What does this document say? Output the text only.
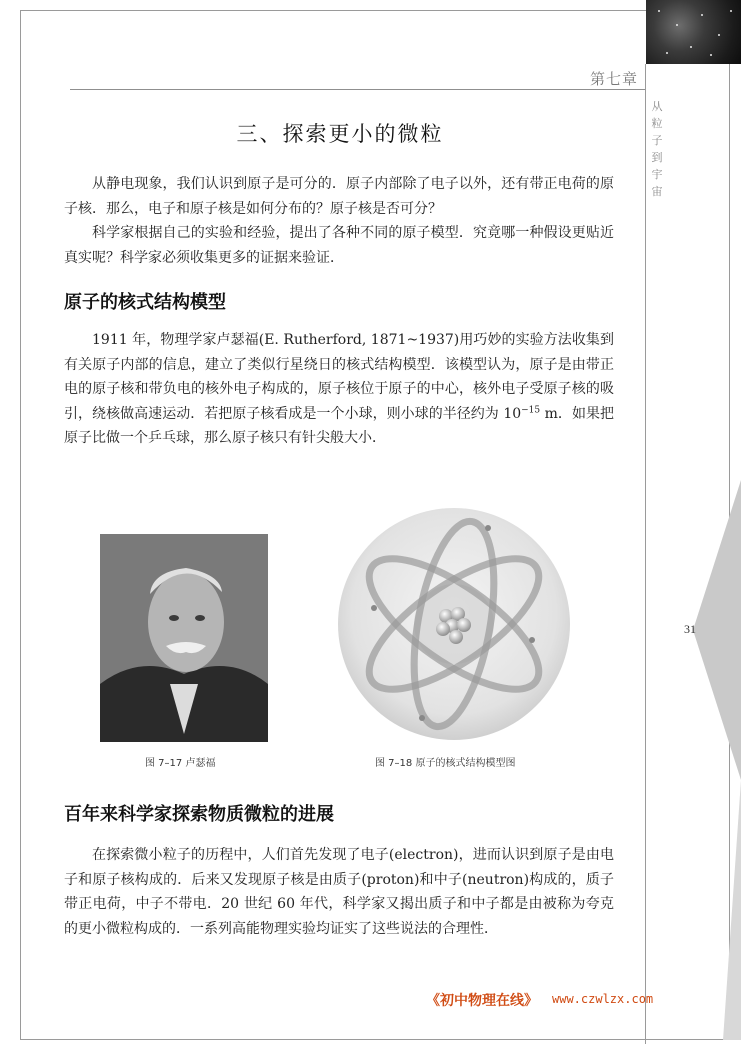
第七章
从粒子到宇宙
31
三、探索更小的微粒
从静电现象，我们认识到原子是可分的．原子内部除了电子以外，还有带正电荷的原子核．那么，电子和原子核是如何分布的？原子核是否可分？
科学家根据自己的实验和经验，提出了各种不同的原子模型．究竟哪一种假设更贴近真实呢？科学家必须收集更多的证据来验证．
原子的核式结构模型
1911 年，物理学家卢瑟福(E. Rutherford, 1871~1937)用巧妙的实验方法收集到有关原子内部的信息，建立了类似行星绕日的核式结构模型．该模型认为，原子是由带正电的原子核和带负电的核外电子构成的，原子核位于原子的中心，核外电子受原子核的吸引，绕核做高速运动．若把原子核看成是一个小球，则小球的半径约为 $10^{-15}$ m．如果把原子比做一个乒乓球，那么原子核只有针尖般大小．
图 7–17 卢瑟福	图 7–18 原子的核式结构模型图
百年来科学家探索物质微粒的进展
在探索微小粒子的历程中，人们首先发现了电子(electron)，进而认识到原子是由电子和原子核构成的．后来又发现原子核是由质子(proton)和中子(neutron)构成的，质子带正电荷，中子不带电．20 世纪 60 年代，科学家又揭出质子和中子都是由被称为夸克的更小微粒构成的．一系列高能物理实验均证实了这些说法的合理性．
《初中物理在线》 www.czwlzx.com
